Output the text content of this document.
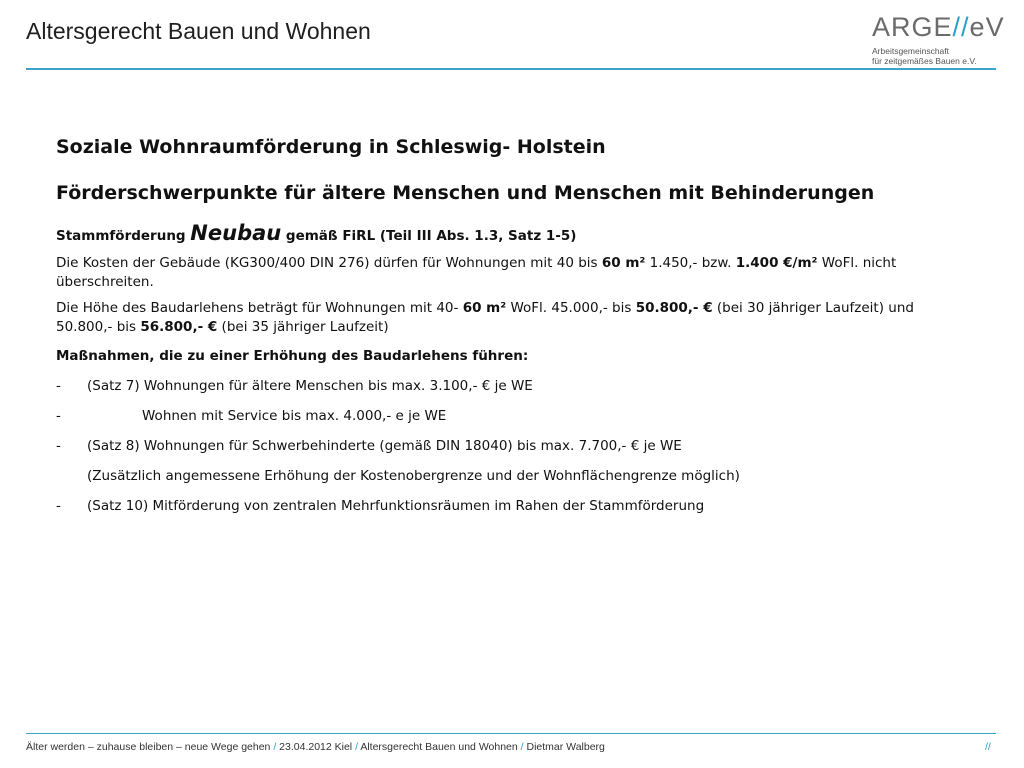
Altersgerecht Bauen und Wohnen	ARGE//eV
Arbeitsgemeinschaft
für zeitgemäßes Bauen e.V.
Soziale Wohnraumförderung in Schleswig- Holstein
Förderschwerpunkte für ältere Menschen und Menschen mit Behinderungen
Stammförderung Neubau gemäß FiRL (Teil III Abs. 1.3, Satz 1-5)
Die Kosten der Gebäude (KG300/400 DIN 276) dürfen für Wohnungen mit 40 bis 60 m² 1.450,- bzw. 1.400 €/m² WoFl. nicht überschreiten.
Die Höhe des Baudarlehens beträgt für Wohnungen mit 40- 60 m² WoFl. 45.000,- bis 50.800,- € (bei 30 jähriger Laufzeit) und 50.800,- bis 56.800,- € (bei 35 jähriger Laufzeit)
Maßnahmen, die zu einer Erhöhung des Baudarlehens führen:
- (Satz 7) Wohnungen für ältere Menschen bis max. 3.100,- € je WE
-	Wohnen mit Service bis max. 4.000,- e je WE
- (Satz 8) Wohnungen für Schwerbehinderte (gemäß DIN 18040) bis max. 7.700,- € je WE
(Zusätzlich angemessene Erhöhung der Kostenobergrenze und der Wohnflächengrenze möglich)
- (Satz 10) Mitförderung von zentralen Mehrfunktionsräumen im Rahen der Stammförderung
Älter werden – zuhause bleiben – neue Wege gehen / 23.04.2012 Kiel / Altersgerecht Bauen und Wohnen / Dietmar Walberg	//
